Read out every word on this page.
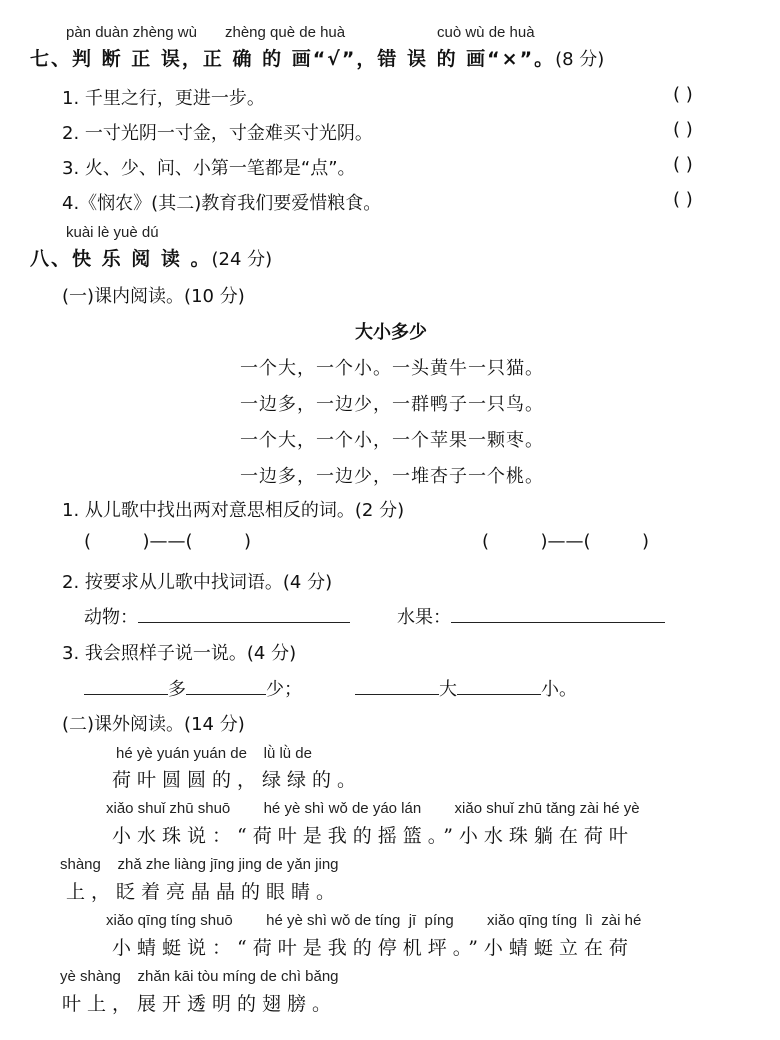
pàn duàn zhèng wù zhèng què de huà	cuò wù de huà
七、判 断 正 误，正 确 的 画“√”，错 误 的 画“×”。(8 分)
1. 千里之行，更进一步。	( )
2. 一寸光阴一寸金，寸金难买寸光阴。	( )
3. 火、少、问、小第一笔都是“点”。	( )
4.《悯农》(其二)教育我们要爱惜粮食。	( )
kuài lè yuè dú
八、快 乐 阅 读 。(24 分)
(一)课内阅读。(10 分)
大小多少
一个大，一个小。一头黄牛一只猫。
一边多，一边少，一群鸭子一只鸟。
一个大，一个小，一个苹果一颗枣。
一边多，一边少，一堆杏子一个桃。
1. 从儿歌中找出两对意思相反的词。(2 分)
(         )——(         )	(         )——(         )
2. 按要求从儿歌中找词语。(4 分)
动物：	水果：
3. 我会照样子说一说。(4 分)
多	少；	大	小。
(二)课外阅读。(14 分)
hé yè yuán yuán de    lǜ lǜ de
荷叶圆圆的，绿绿的。
xiǎo shuǐ zhū shuō        hé yè shì wǒ de yáo lán        xiǎo shuǐ zhū tǎng zài hé yè
小水珠说：“荷叶是我的摇篮。”小水珠躺在荷叶
shàng    zhǎ zhe liàng jīng jing de yǎn jing
上，眨着亮晶晶的眼睛。
xiǎo qīng tíng shuō        hé yè shì wǒ de tíng  jī  píng        xiǎo qīng tíng  lì  zài hé
小蜻蜓说：“荷叶是我的停机坪。”小蜻蜓立在荷
yè shàng    zhǎn kāi tòu míng de chì bǎng
叶上，展开透明的翅膀。
